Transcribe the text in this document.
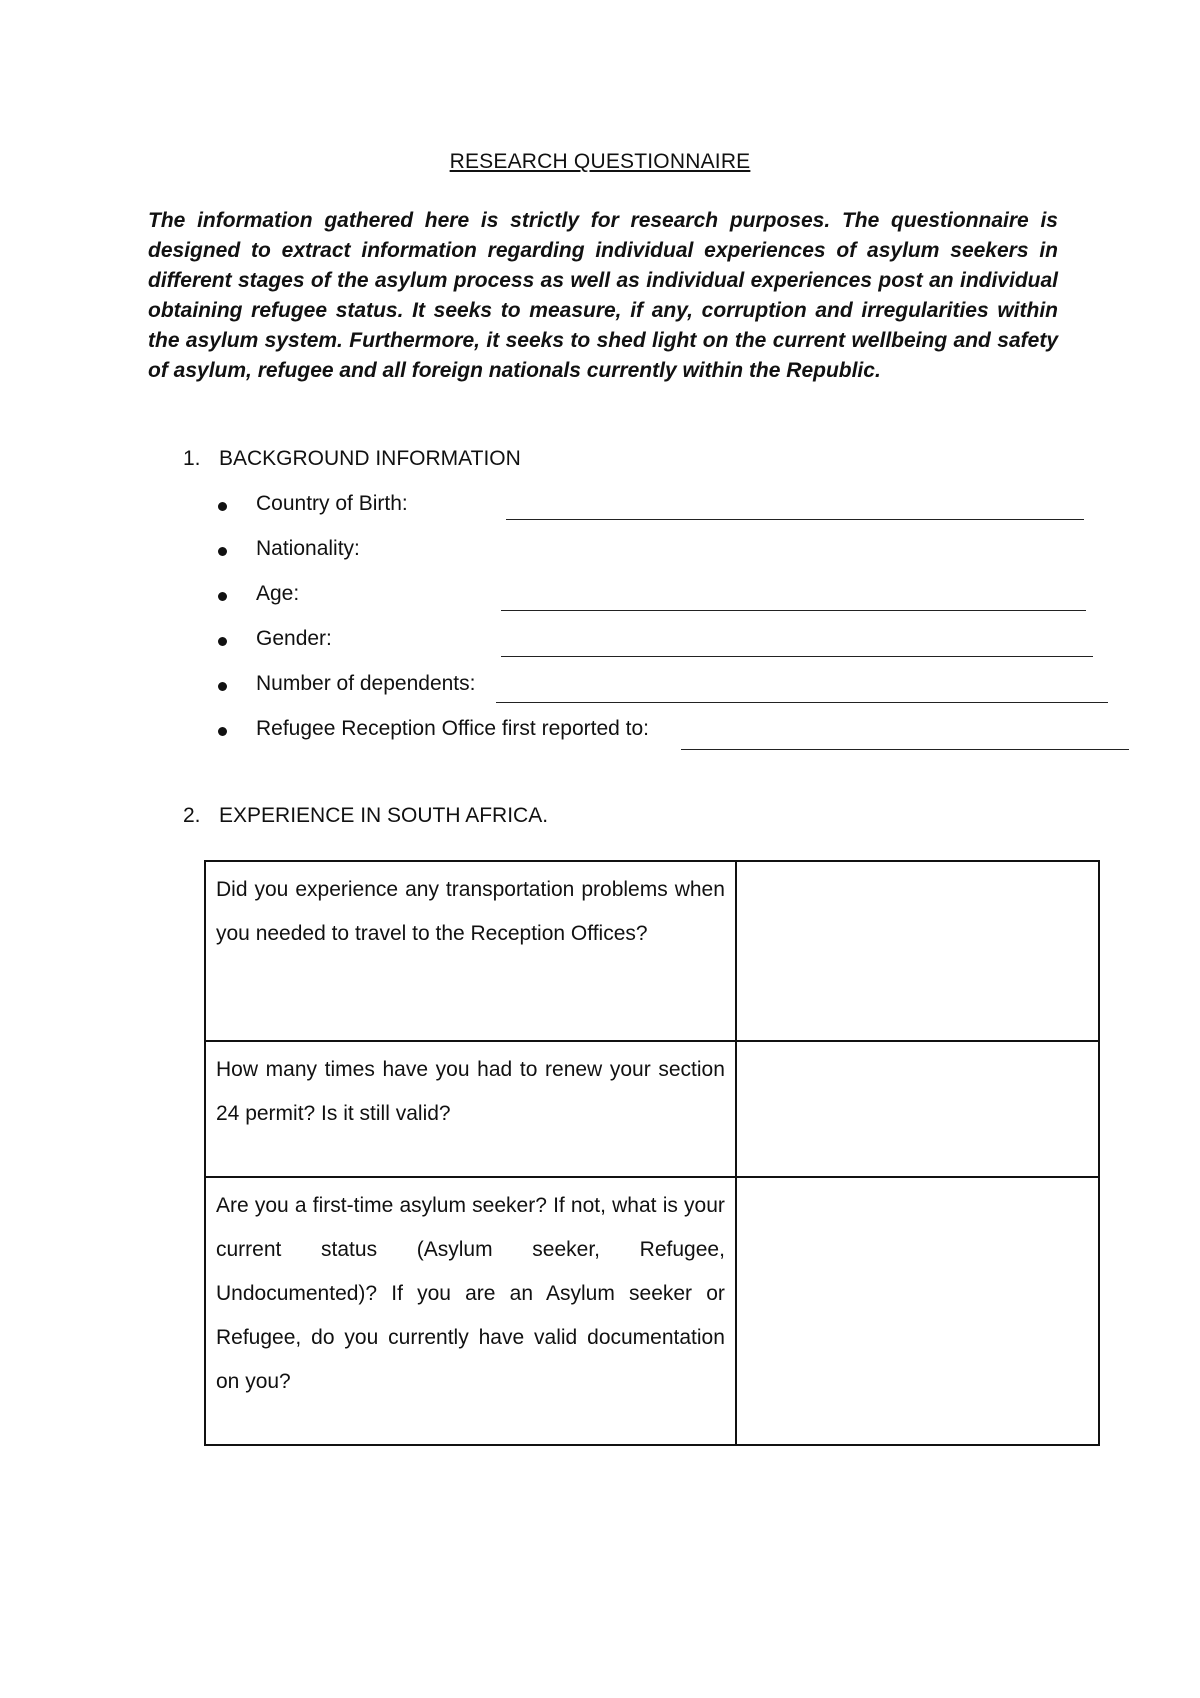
RESEARCH QUESTIONNAIRE
The information gathered here is strictly for research purposes. The questionnaire is designed to extract information regarding individual experiences of asylum seekers in different stages of the asylum process as well as individual experiences post an individual obtaining refugee status. It seeks to measure, if any, corruption and irregularities within the asylum system. Furthermore, it seeks to shed light on the current wellbeing and safety of asylum, refugee and all foreign nationals currently within the Republic.
1. BACKGROUND INFORMATION
Country of Birth:
Nationality:
Age:
Gender:
Number of dependents:
Refugee Reception Office first reported to:
2. EXPERIENCE IN SOUTH AFRICA.
Did you experience any transportation problems when you needed to travel to the Reception Offices?	
How many times have you had to renew your section 24 permit? Is it still valid?	
Are you a first-time asylum seeker? If not, what is your current status (Asylum seeker, Refugee, Undocumented)? If you are an Asylum seeker or Refugee, do you currently have valid documentation on you?	
